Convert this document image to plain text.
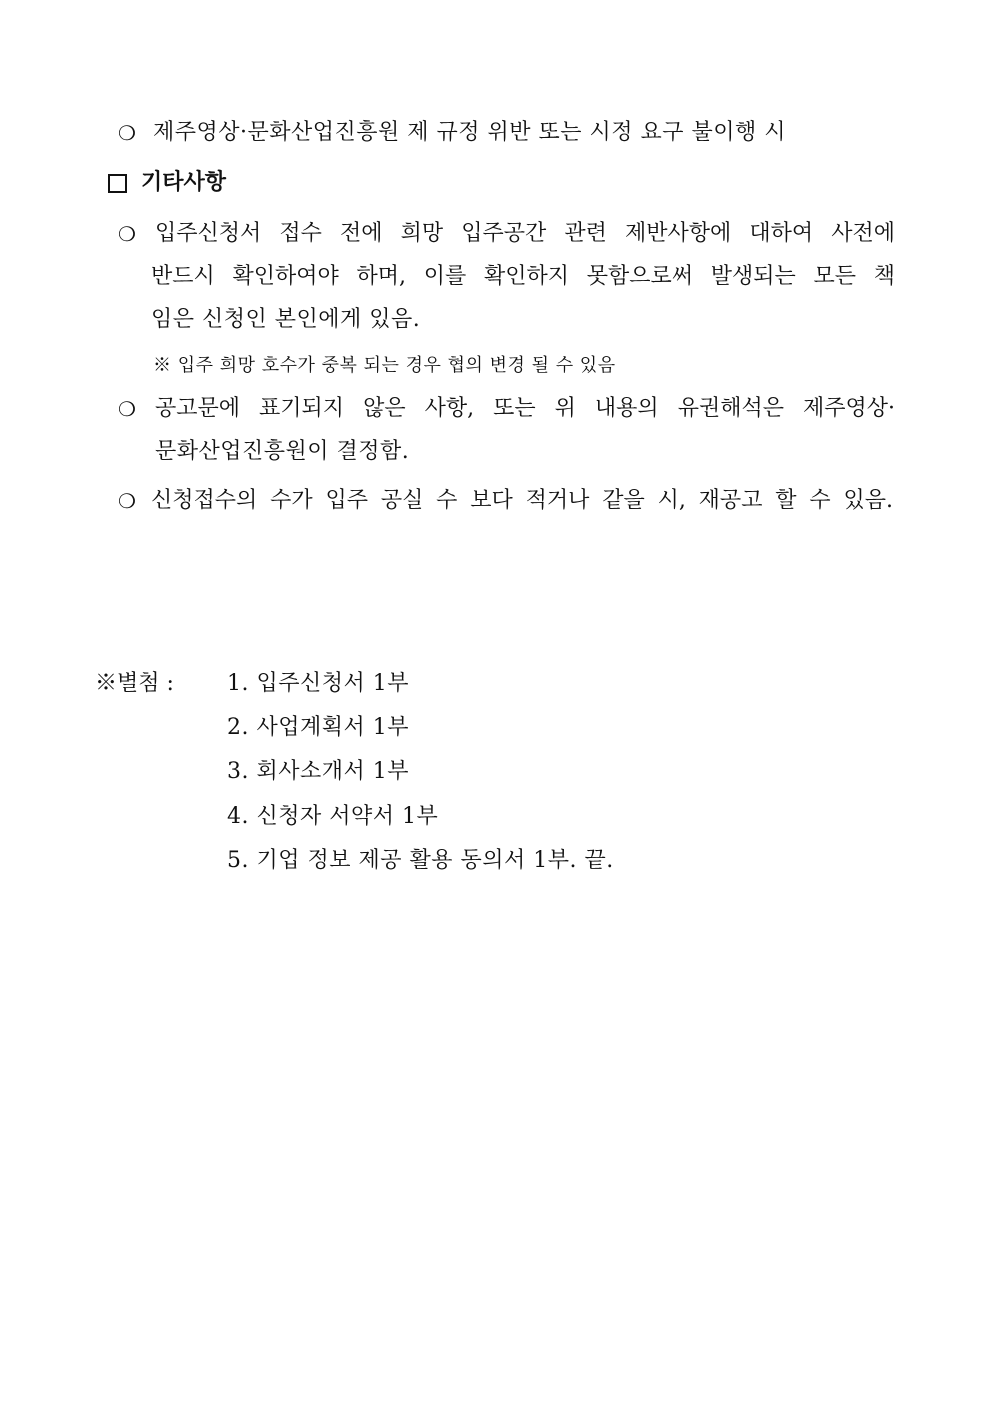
❍ 제주영상·문화산업진흥원 제 규정 위반 또는 시정 요구 불이행 시
기타사항
❍ 입주신청서 접수 전에 희망 입주공간 관련 제반사항에 대하여 사전에
반드시 확인하여야 하며, 이를 확인하지 못함으로써 발생되는 모든 책
임은 신청인 본인에게 있음.
※ 입주 희망 호수가 중복 되는 경우 협의 변경 될 수 있음
❍ 공고문에 표기되지 않은 사항, 또는 위 내용의 유권해석은 제주영상·
문화산업진흥원이 결정함.
❍ 신청접수의 수가 입주 공실 수 보다 적거나 같을 시, 재공고 할 수 있음.
※별첨 : 1. 입주신청서 1부
2. 사업계획서 1부
3. 회사소개서 1부
4. 신청자 서약서 1부
5. 기업 정보 제공 활용 동의서 1부. 끝.
